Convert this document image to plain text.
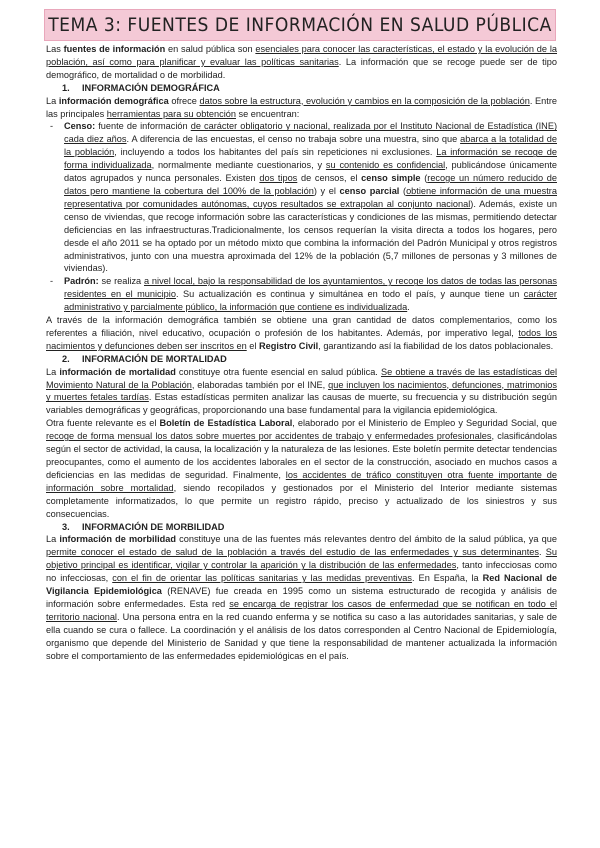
TEMA 3: FUENTES DE INFORMACIÓN EN SALUD PÚBLICA

Las fuentes de información en salud pública son esenciales para conocer las características, el estado y la evolución de la población, así como para planificar y evaluar las políticas sanitarias. La información que se recoge puede ser de tipo demográfico, de mortalidad o de morbilidad.

1. INFORMACIÓN DEMOGRÁFICA

La información demográfica ofrece datos sobre la estructura, evolución y cambios en la composición de la población. Entre las principales herramientas para su obtención se encuentran:

- Censo: fuente de información de carácter obligatorio y nacional, realizada por el Instituto Nacional de Estadística (INE) cada diez años. A diferencia de las encuestas, el censo no trabaja sobre una muestra, sino que abarca a la totalidad de la población, incluyendo a todos los habitantes del país sin repeticiones ni exclusiones. La información se recoge de forma individualizada, normalmente mediante cuestionarios, y su contenido es confidencial, publicándose únicamente datos agrupados y nunca personales. Existen dos tipos de censos, el censo simple (recoge un número reducido de datos pero mantiene la cobertura del 100% de la población) y el censo parcial (obtiene información de una muestra representativa por comunidades autónomas, cuyos resultados se extrapolan al conjunto nacional). Además, existe un censo de viviendas, que recoge información sobre las características y condiciones de las mismas, permitiendo detectar deficiencias en las infraestructuras.Tradicionalmente, los censos requerían la visita directa a todos los hogares, pero desde el año 2011 se ha optado por un método mixto que combina la información del Padrón Municipal y otros registros administrativos, junto con una muestra aproximada del 12% de la población (5,7 millones de personas y 3 millones de viviendas).
- Padrón: se realiza a nivel local, bajo la responsabilidad de los ayuntamientos, y recoge los datos de todas las personas residentes en el municipio. Su actualización es continua y simultánea en todo el país, y aunque tiene un carácter administrativo y parcialmente público, la información que contiene es individualizada.

A través de la información demográfica también se obtiene una gran cantidad de datos complementarios, como los referentes a filiación, nivel educativo, ocupación o profesión de los habitantes. Además, por imperativo legal, todos los nacimientos y defunciones deben ser inscritos en el Registro Civil, garantizando así la fiabilidad de los datos poblacionales.

2. INFORMACIÓN DE MORTALIDAD

La información de mortalidad constituye otra fuente esencial en salud pública. Se obtiene a través de las estadísticas del Movimiento Natural de la Población, elaboradas también por el INE, que incluyen los nacimientos, defunciones, matrimonios y muertes fetales tardías. Estas estadísticas permiten analizar las causas de muerte, su frecuencia y su distribución según variables demográficas y geográficas, proporcionando una base fundamental para la vigilancia epidemiológica.

Otra fuente relevante es el Boletín de Estadística Laboral, elaborado por el Ministerio de Empleo y Seguridad Social, que recoge de forma mensual los datos sobre muertes por accidentes de trabajo y enfermedades profesionales, clasificándolas según el sector de actividad, la causa, la localización y la naturaleza de las lesiones. Este boletín permite detectar tendencias preocupantes, como el aumento de los accidentes laborales en el sector de la construcción, asociado en muchos casos a deficiencias en las medidas de seguridad. Finalmente, los accidentes de tráfico constituyen otra fuente importante de información sobre mortalidad, siendo recopilados y gestionados por el Ministerio del Interior mediante sistemas completamente informatizados, lo que permite un registro rápido, preciso y actualizado de los siniestros y sus consecuencias.

3. INFORMACIÓN DE MORBILIDAD

La información de morbilidad constituye una de las fuentes más relevantes dentro del ámbito de la salud pública, ya que permite conocer el estado de salud de la población a través del estudio de las enfermedades y sus determinantes. Su objetivo principal es identificar, vigilar y controlar la aparición y la distribución de las enfermedades, tanto infecciosas como no infecciosas, con el fin de orientar las políticas sanitarias y las medidas preventivas. En España, la Red Nacional de Vigilancia Epidemiológica (RENAVE) fue creada en 1995 como un sistema estructurado de recogida y análisis de información sobre enfermedades. Esta red se encarga de registrar los casos de enfermedad que se notifican en todo el territorio nacional. Una persona entra en la red cuando enferma y se notifica su caso a las autoridades sanitarias, y sale de ella cuando se cura o fallece. La coordinación y el análisis de los datos corresponden al Centro Nacional de Epidemiología, organismo que depende del Ministerio de Sanidad y que tiene la responsabilidad de mantener actualizada la información sobre el comportamiento de las enfermedades epidemiológicas en el país.
